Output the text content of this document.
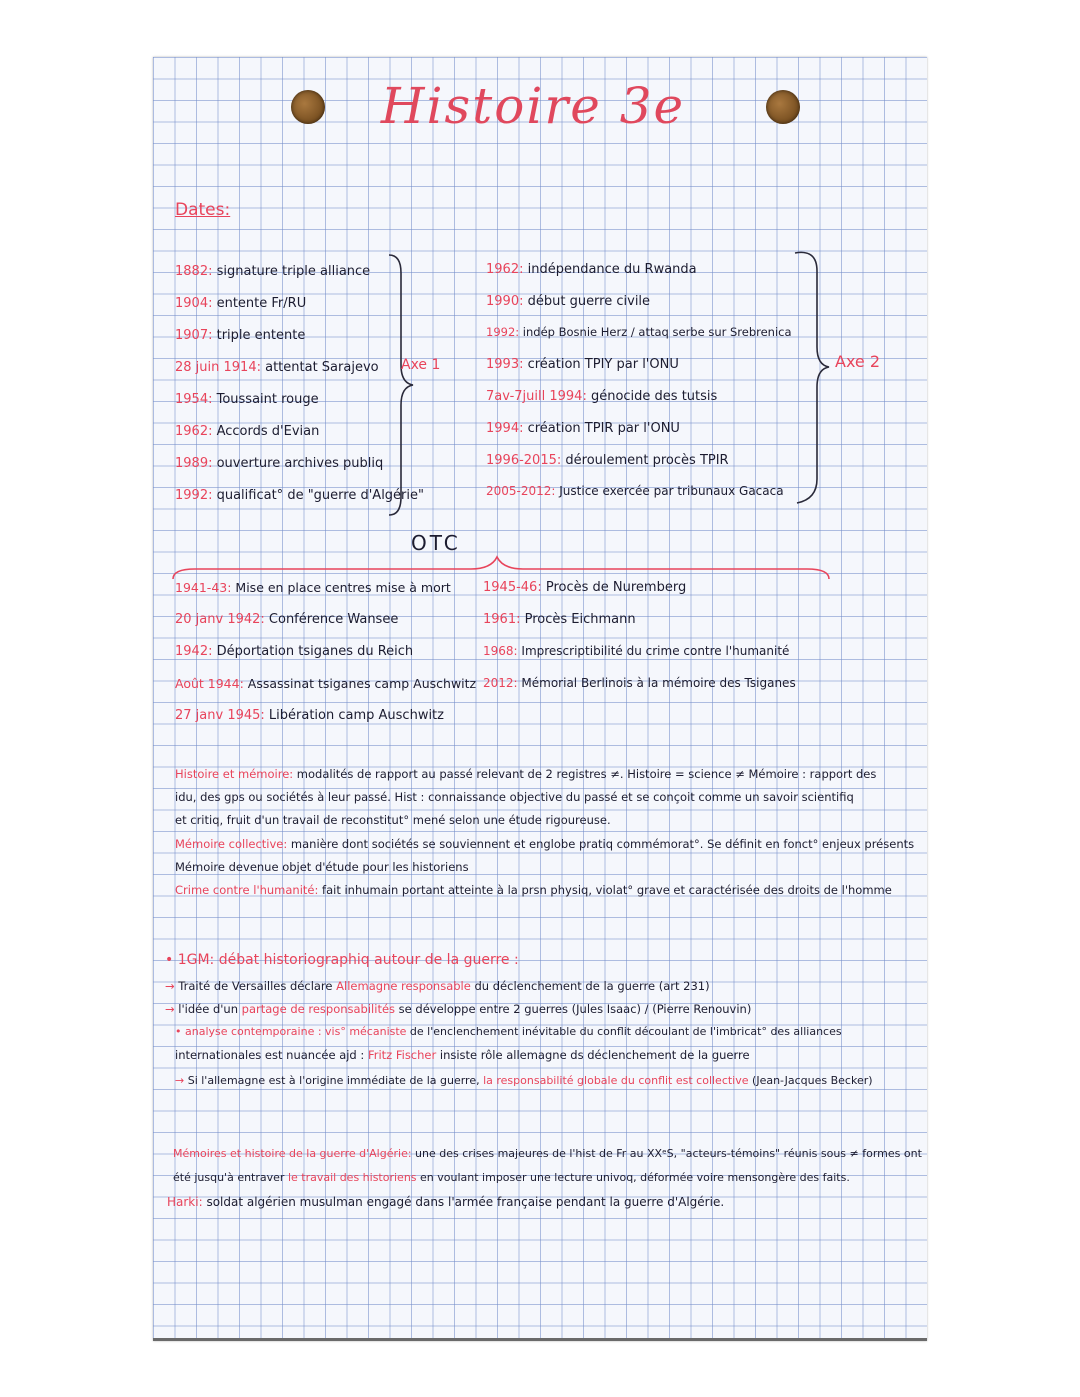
Histoire 3e
Dates:
1882: signature triple alliance
1904: entente Fr/RU
1907: triple entente
28 juin 1914: attentat Sarajevo
1954: Toussaint rouge
1962: Accords d'Evian
1989: ouverture archives publiq
1992: qualificat° de "guerre d'Algérie"
Axe 1
1962: indépendance du Rwanda
1990: début guerre civile
1992: indép Bosnie Herz / attaq serbe sur Srebrenica
1993: création TPIY par l'ONU
7av-7juill 1994: génocide des tutsis
1994: création TPIR par l'ONU
1996-2015: déroulement procès TPIR
2005-2012: Justice exercée par tribunaux Gacaca
Axe 2
OTC
1941-43: Mise en place centres mise à mort
20 janv 1942: Conférence Wansee
1942: Déportation tsiganes du Reich
Août 1944: Assassinat tsiganes camp Auschwitz
27 janv 1945: Libération camp Auschwitz
1945-46: Procès de Nuremberg
1961: Procès Eichmann
1968: Imprescriptibilité du crime contre l'humanité
2012: Mémorial Berlinois à la mémoire des Tsiganes
Histoire et mémoire: modalités de rapport au passé relevant de 2 registres ≠. Histoire = science ≠ Mémoire : rapport des
idu, des gps ou sociétés à leur passé. Hist : connaissance objective du passé et se conçoit comme un savoir scientifiq
et critiq, fruit d'un travail de reconstitut° mené selon une étude rigoureuse.
Mémoire collective: manière dont sociétés se souviennent et englobe pratiq commémorat°. Se définit en fonct° enjeux présents
Mémoire devenue objet d'étude pour les historiens
Crime contre l'humanité: fait inhumain portant atteinte à la prsn physiq, violat° grave et caractérisée des droits de l'homme
• 1GM: débat historiographiq autour de la guerre :
→ Traité de Versailles déclare Allemagne responsable du déclenchement de la guerre (art 231)
→ l'idée d'un partage de responsabilités se développe entre 2 guerres (Jules Isaac) / (Pierre Renouvin)
• analyse contemporaine : vis° mécaniste de l'enclenchement inévitable du conflit découlant de l'imbricat° des alliances
internationales est nuancée ajd : Fritz Fischer insiste rôle allemagne ds déclenchement de la guerre
→ Si l'allemagne est à l'origine immédiate de la guerre, la responsabilité globale du conflit est collective (Jean-Jacques Becker)
Mémoires et histoire de la guerre d'Algérie: une des crises majeures de l'hist de Fr au XXᵉS, "acteurs-témoins" réunis sous ≠ formes ont
été jusqu'à entraver le travail des historiens en voulant imposer une lecture univoq, déformée voire mensongère des faits.
Harki: soldat algérien musulman engagé dans l'armée française pendant la guerre d'Algérie.
